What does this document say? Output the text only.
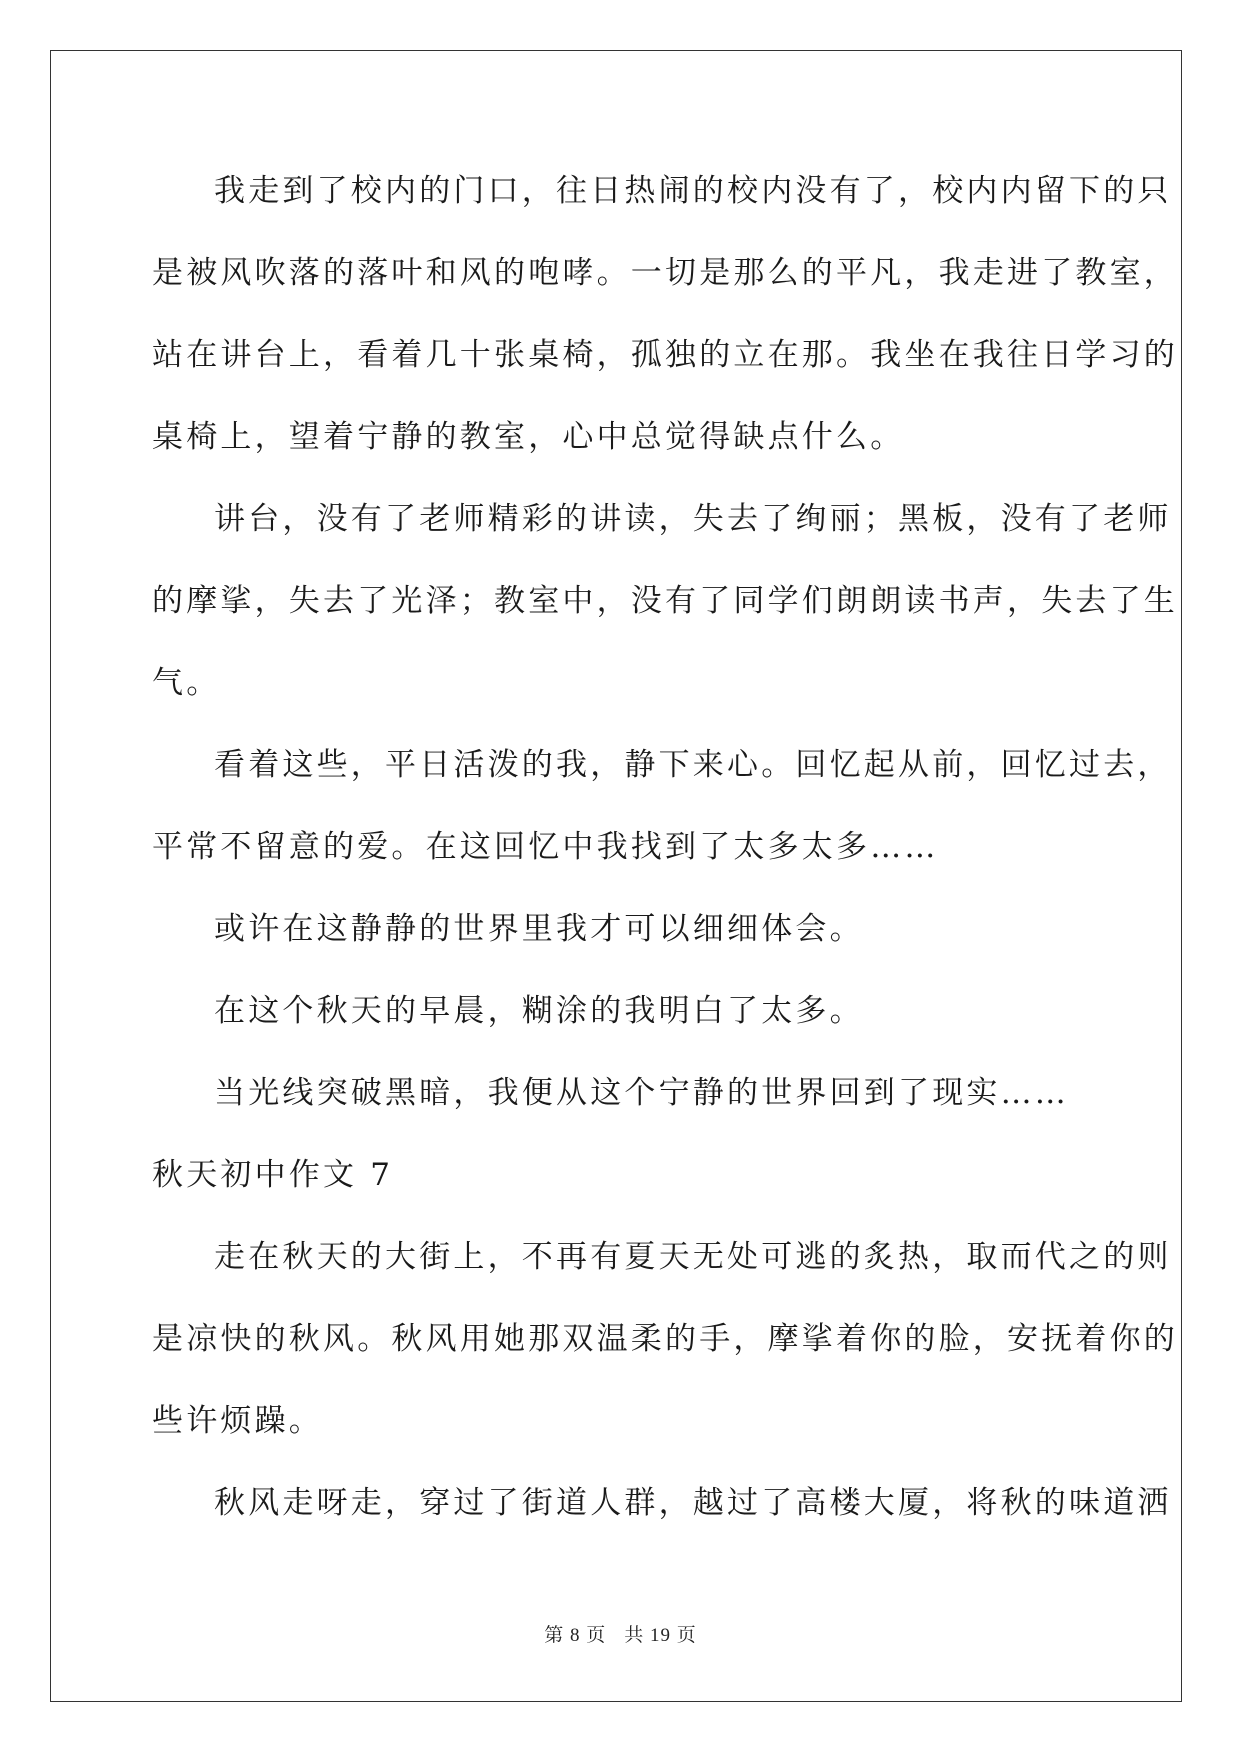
我走到了校内的门口，往日热闹的校内没有了，校内内留下的只
是被风吹落的落叶和风的咆哮。一切是那么的平凡，我走进了教室，
站在讲台上，看着几十张桌椅，孤独的立在那。我坐在我往日学习的
桌椅上，望着宁静的教室，心中总觉得缺点什么。
讲台，没有了老师精彩的讲读，失去了绚丽；黑板，没有了老师
的摩挲，失去了光泽；教室中，没有了同学们朗朗读书声，失去了生
气。
看着这些，平日活泼的我，静下来心。回忆起从前，回忆过去，
平常不留意的爱。在这回忆中我找到了太多太多……
或许在这静静的世界里我才可以细细体会。
在这个秋天的早晨，糊涂的我明白了太多。
当光线突破黑暗，我便从这个宁静的世界回到了现实……
秋天初中作文 7
走在秋天的大街上，不再有夏天无处可逃的炙热，取而代之的则
是凉快的秋风。秋风用她那双温柔的手，摩挲着你的脸，安抚着你的
些许烦躁。
秋风走呀走，穿过了街道人群，越过了高楼大厦，将秋的味道洒
第 8 页 共 19 页
